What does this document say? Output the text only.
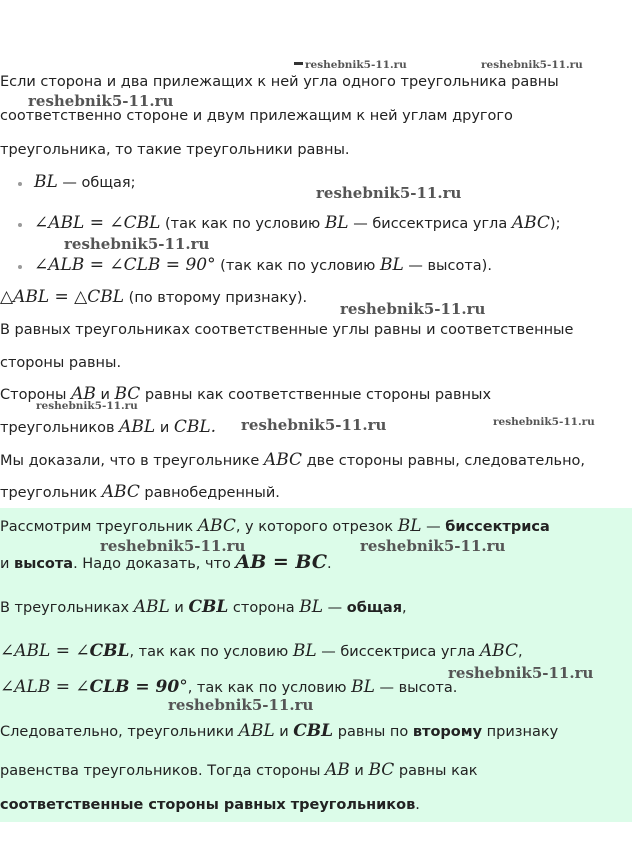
Если сторона и два прилежащих к ней угла одного треугольника равны
соответственно стороне и двум прилежащим к ней углам другого
треугольника, то такие треугольники равны.
BL — общая;
∠ABL = ∠CBL (так как по условию BL — биссектриса угла ABC);
∠ALB = ∠CLB = 90° (так как по условию BL — высота).
△ABL = △CBL (по второму признаку).
В равных треугольниках соответственные углы равны и соответственные
стороны равны.
Стороны AB и BC равны как соответственные стороны равных
треугольников ABL и CBL.
Мы доказали, что в треугольнике ABC две стороны равны, следовательно,
треугольник ABC равнобедренный.
Рассмотрим треугольник ABC, у которого отрезок BL — биссектриса
и высота. Надо доказать, что AB = BC.
В треугольниках ABL и CBL сторона BL — общая,
∠ABL = ∠CBL, так как по условию BL — биссектриса угла ABC,
∠ALB = ∠CLB = 90°, так как по условию BL — высота.
Следовательно, треугольники ABL и CBL равны по второму признаку
равенства треугольников. Тогда стороны AB и BC равны как
соответственные стороны равных треугольников.
reshebnik5-11.ru	reshebnik5-11.ru
reshebnik5-11.ru
reshebnik5-11.ru
reshebnik5-11.ru
reshebnik5-11.ru
reshebnik5-11.ru
reshebnik5-11.ru	reshebnik5-11.ru
reshebnik5-11.ru	reshebnik5-11.ru
reshebnik5-11.ru
reshebnik5-11.ru
